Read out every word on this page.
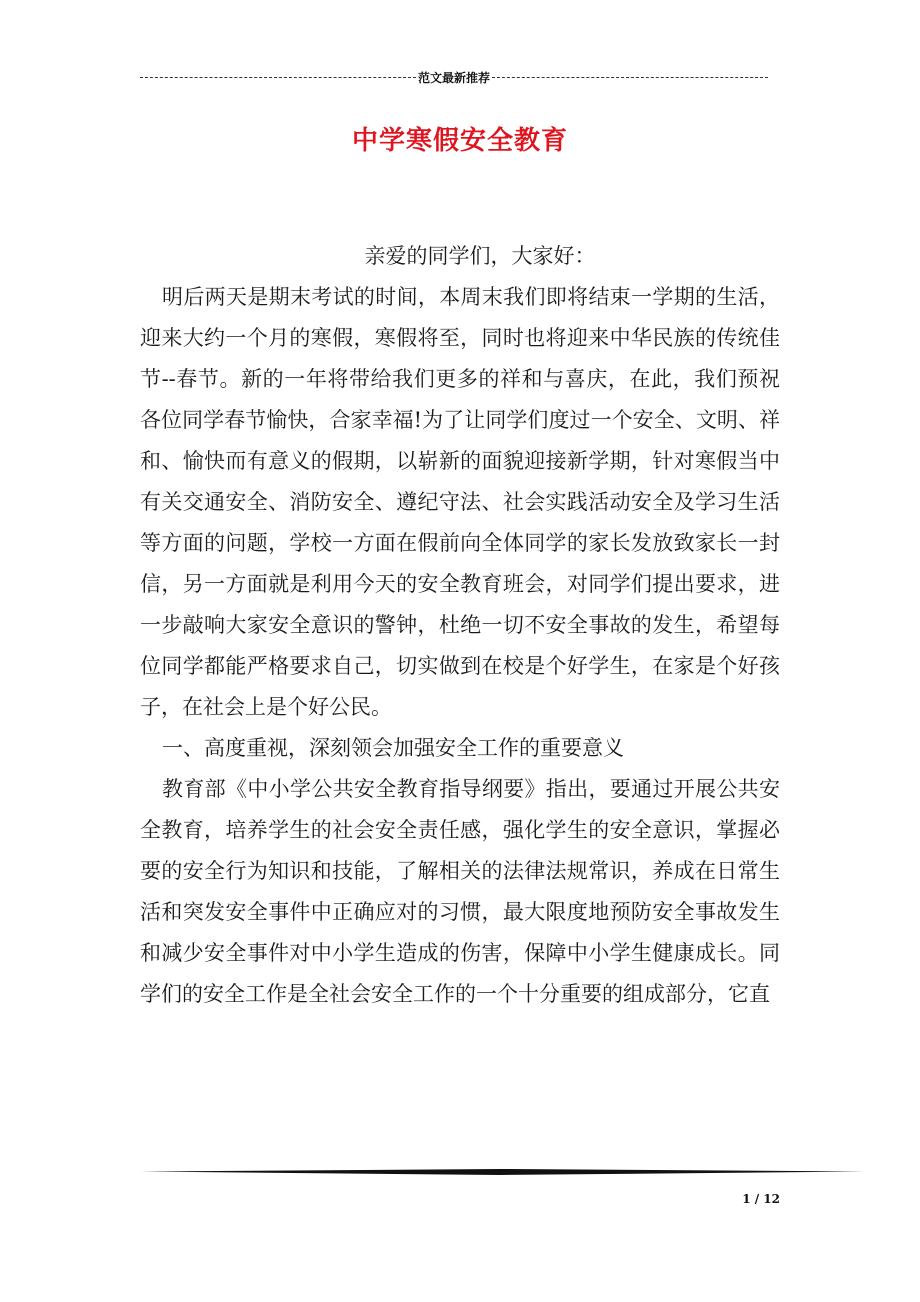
范文最新推荐
中学寒假安全教育

亲爱的同学们，大家好：

明后两天是期末考试的时间，本周末我们即将结束一学期的生活，迎来大约一个月的寒假，寒假将至，同时也将迎来中华民族的传统佳节--春节。新的一年将带给我们更多的祥和与喜庆，在此，我们预祝各位同学春节愉快，合家幸福!为了让同学们度过一个安全、文明、祥和、愉快而有意义的假期，以崭新的面貌迎接新学期，针对寒假当中有关交通安全、消防安全、遵纪守法、社会实践活动安全及学习生活等方面的问题，学校一方面在假前向全体同学的家长发放致家长一封信，另一方面就是利用今天的安全教育班会，对同学们提出要求，进一步敲响大家安全意识的警钟，杜绝一切不安全事故的发生，希望每位同学都能严格要求自己，切实做到在校是个好学生，在家是个好孩子，在社会上是个好公民。

一、高度重视，深刻领会加强安全工作的重要意义

教育部《中小学公共安全教育指导纲要》指出，要通过开展公共安全教育，培养学生的社会安全责任感，强化学生的安全意识，掌握必要的安全行为知识和技能，了解相关的法律法规常识，养成在日常生活和突发安全事件中正确应对的习惯，最大限度地预防安全事故发生和减少安全事件对中小学生造成的伤害，保障中小学生健康成长。同学们的安全工作是全社会安全工作的一个十分重要的组成部分，它直

1 / 12
